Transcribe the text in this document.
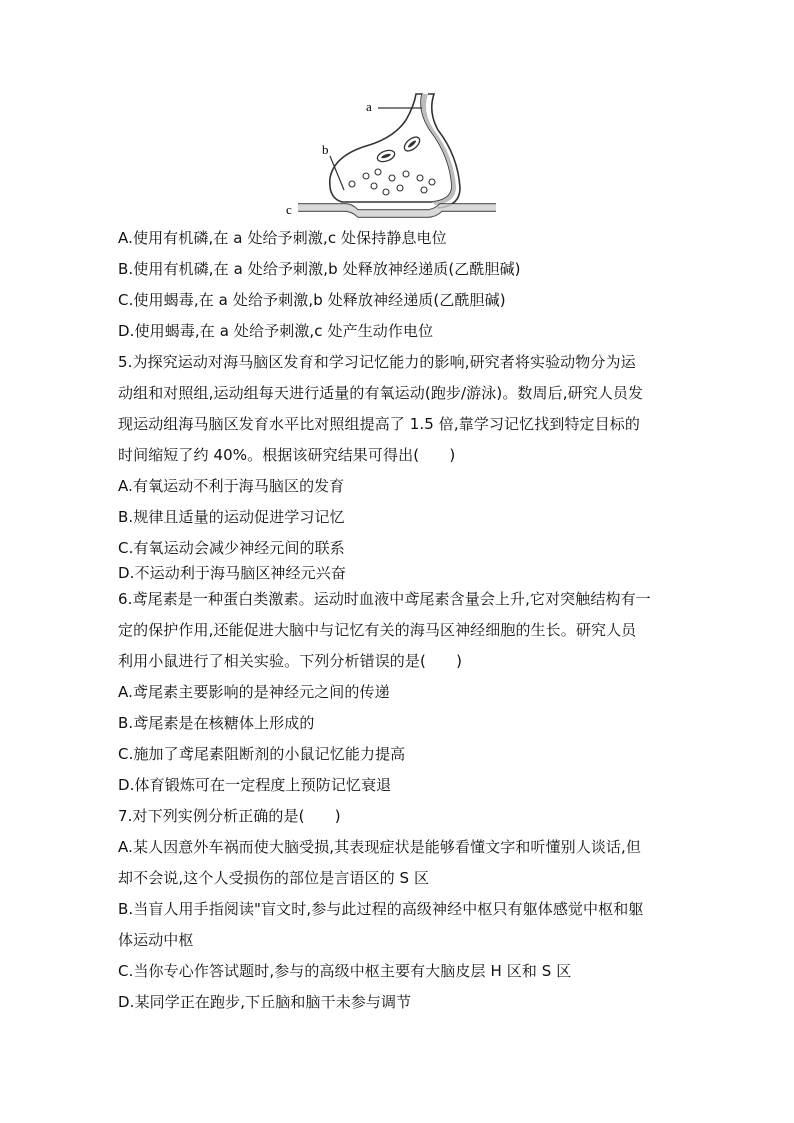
a
b
c
A.使用有机磷,在 a 处给予刺激,c 处保持静息电位
B.使用有机磷,在 a 处给予刺激,b 处释放神经递质(乙酰胆碱)
C.使用蝎毒,在 a 处给予刺激,b 处释放神经递质(乙酰胆碱)
D.使用蝎毒,在 a 处给予刺激,c 处产生动作电位
5.为探究运动对海马脑区发育和学习记忆能力的影响,研究者将实验动物分为运
动组和对照组,运动组每天进行适量的有氧运动(跑步/游泳)。数周后,研究人员发
现运动组海马脑区发育水平比对照组提高了 1.5 倍,靠学习记忆找到特定目标的
时间缩短了约 40%。根据该研究结果可得出(　　)
A.有氧运动不利于海马脑区的发育
B.规律且适量的运动促进学习记忆
C.有氧运动会减少神经元间的联系
D.不运动利于海马脑区神经元兴奋
6.鸢尾素是一种蛋白类激素。运动时血液中鸢尾素含量会上升,它对突触结构有一
定的保护作用,还能促进大脑中与记忆有关的海马区神经细胞的生长。研究人员
利用小鼠进行了相关实验。下列分析错误的是(　　)
A.鸢尾素主要影响的是神经元之间的传递
B.鸢尾素是在核糖体上形成的
C.施加了鸢尾素阻断剂的小鼠记忆能力提高
D.体育锻炼可在一定程度上预防记忆衰退
7.对下列实例分析正确的是(　　)
A.某人因意外车祸而使大脑受损,其表现症状是能够看懂文字和听懂别人谈话,但
却不会说,这个人受损伤的部位是言语区的 S 区
B.当盲人用手指阅读"盲文时,参与此过程的高级神经中枢只有躯体感觉中枢和躯
体运动中枢
C.当你专心作答试题时,参与的高级中枢主要有大脑皮层 H 区和 S 区
D.某同学正在跑步,下丘脑和脑干未参与调节
